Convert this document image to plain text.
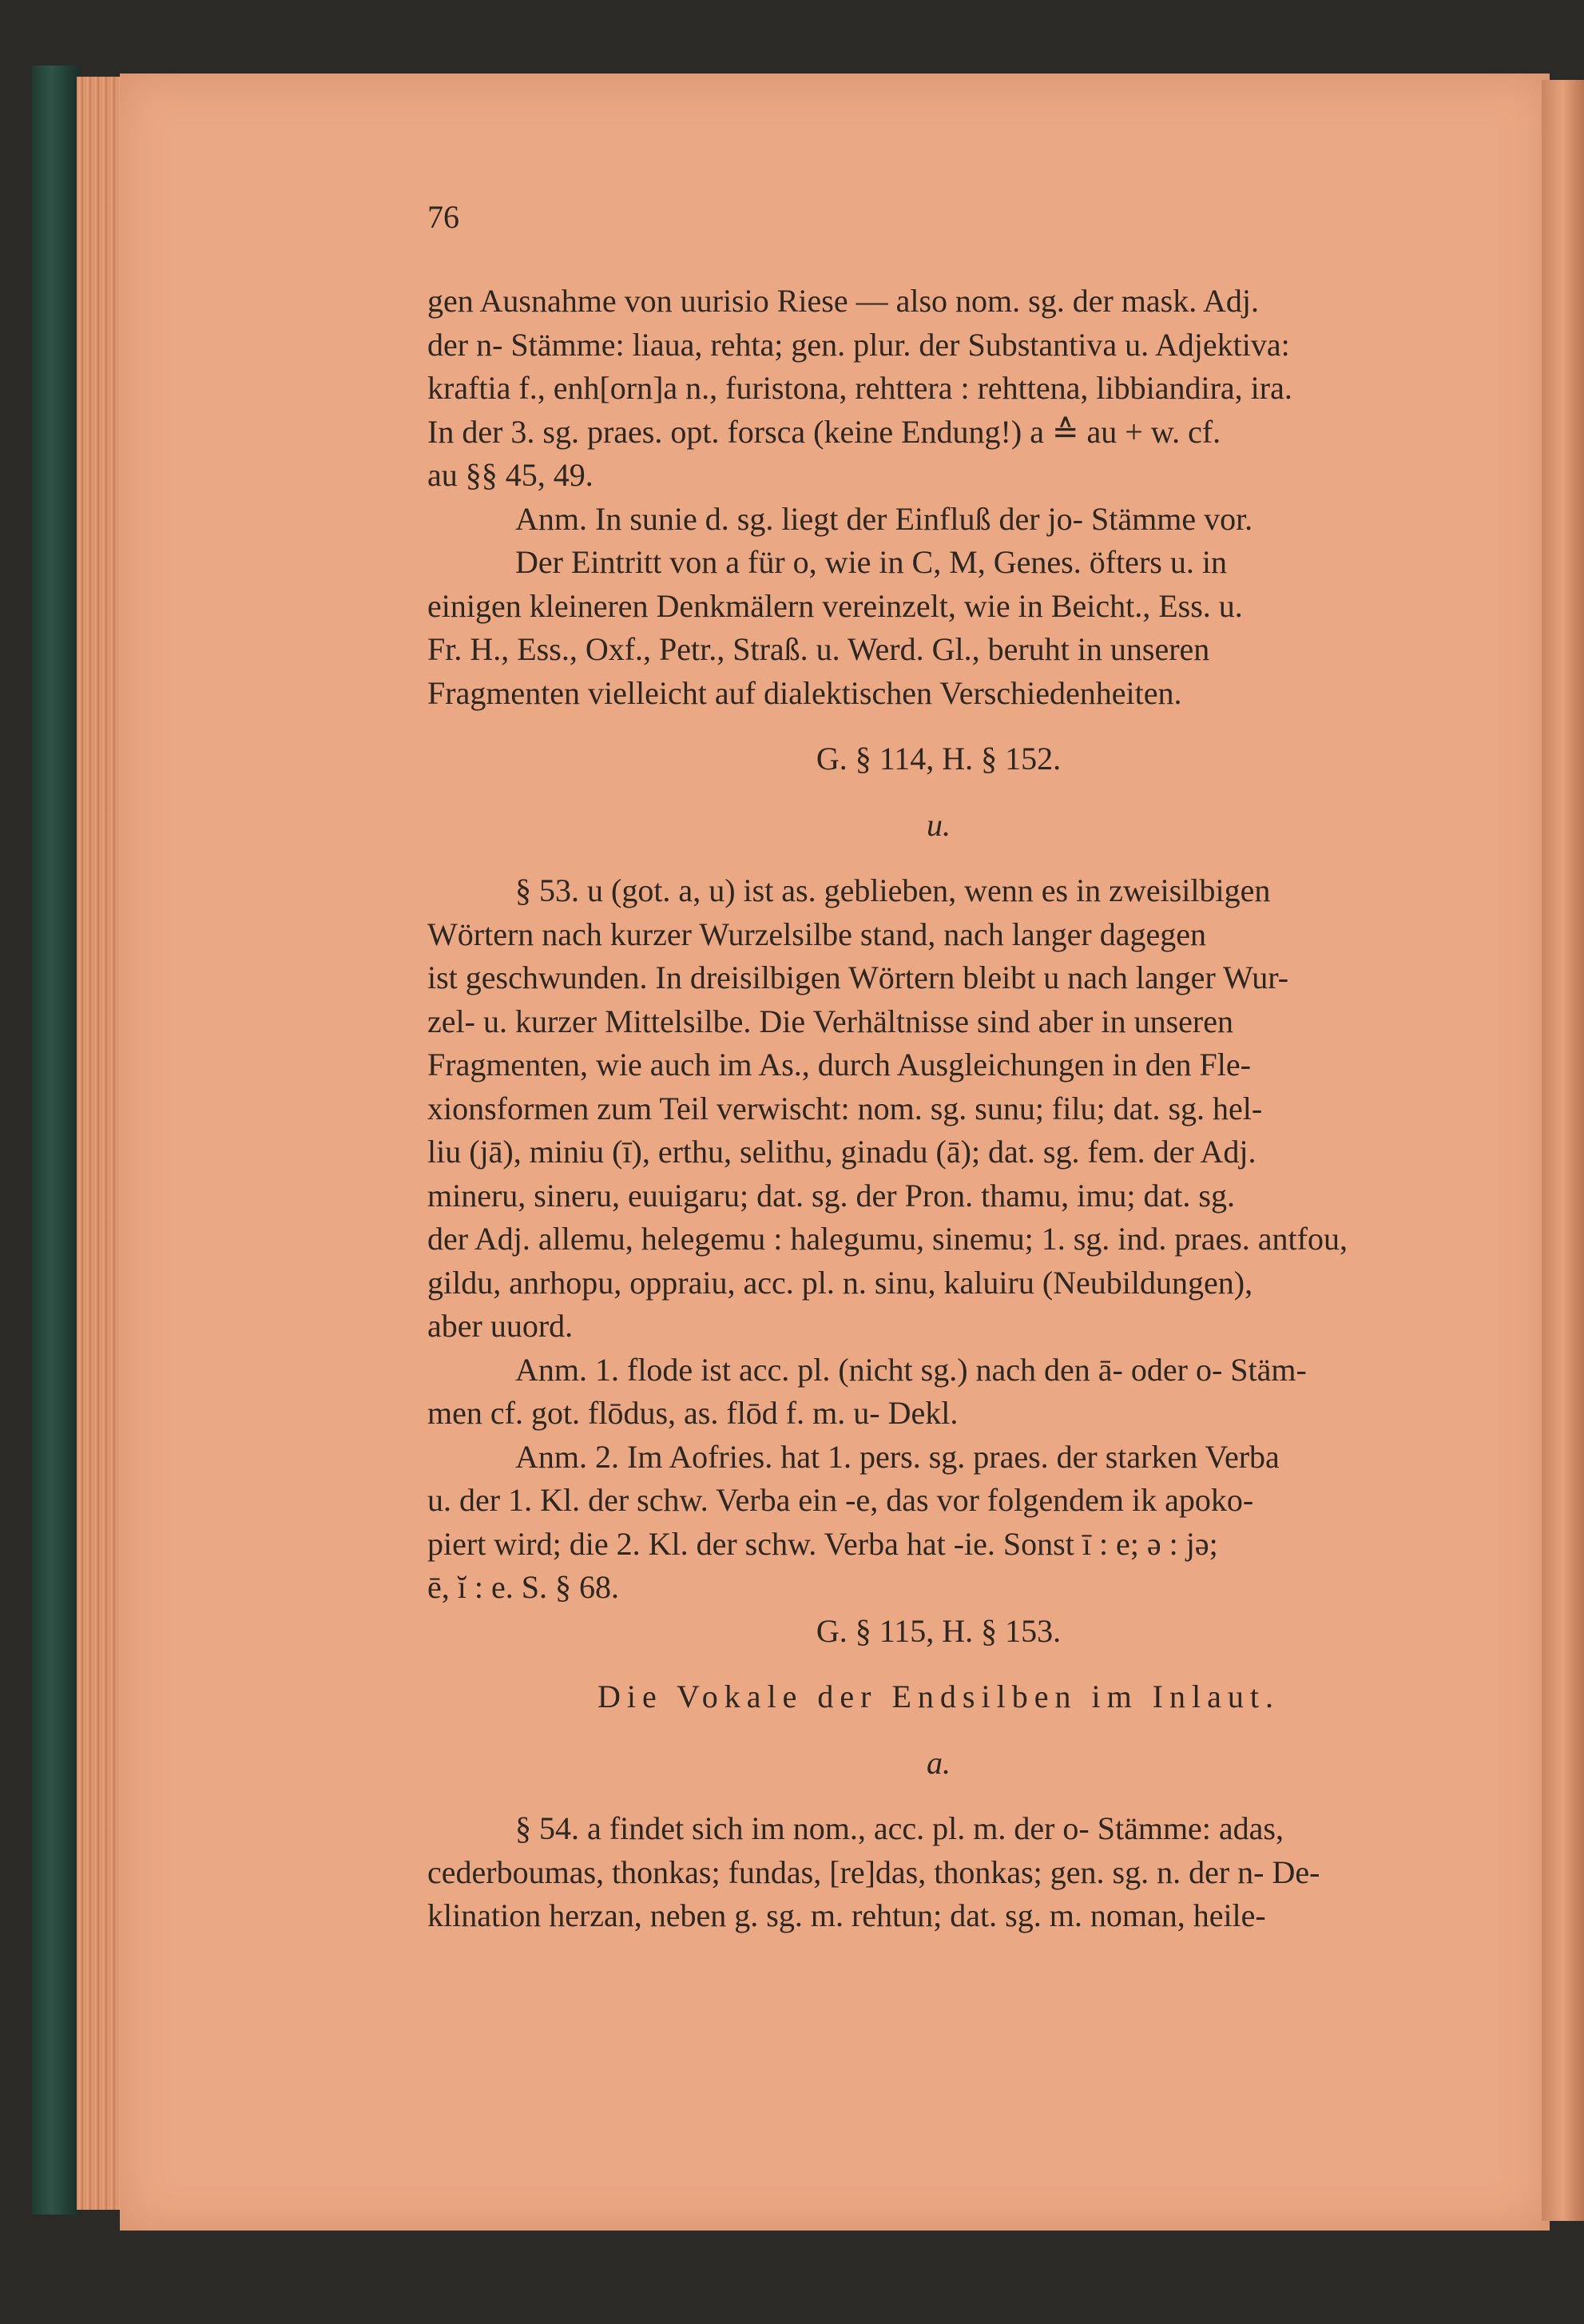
76
gen Ausnahme von uurisio Riese — also nom. sg. der mask. Adj.
der n- Stämme: liaua, rehta; gen. plur. der Substantiva u. Adjektiva:
kraftia f., enh[orn]a n., furistona, rehttera : rehttena, libbiandira, ira.
In der 3. sg. praes. opt. forsca (keine Endung!) a ≙ au + w. cf.
au §§ 45, 49.
Anm. In sunie d. sg. liegt der Einfluß der jo- Stämme vor.
Der Eintritt von a für o, wie in C, M, Genes. öfters u. in
einigen kleineren Denkmälern vereinzelt, wie in Beicht., Ess. u.
Fr. H., Ess., Oxf., Petr., Straß. u. Werd. Gl., beruht in unseren
Fragmenten vielleicht auf dialektischen Verschiedenheiten.
G. § 114, H. § 152.
u.
§ 53. u (got. a, u) ist as. geblieben, wenn es in zweisilbigen
Wörtern nach kurzer Wurzelsilbe stand, nach langer dagegen
ist geschwunden. In dreisilbigen Wörtern bleibt u nach langer Wur-
zel- u. kurzer Mittelsilbe. Die Verhältnisse sind aber in unseren
Fragmenten, wie auch im As., durch Ausgleichungen in den Fle-
xionsformen zum Teil verwischt: nom. sg. sunu; filu; dat. sg. hel-
liu (jā), miniu (ī), erthu, selithu, ginadu (ā); dat. sg. fem. der Adj.
mineru, sineru, euuigaru; dat. sg. der Pron. thamu, imu; dat. sg.
der Adj. allemu, helegemu : halegumu, sinemu; 1. sg. ind. praes. antfou,
gildu, anrhopu, oppraiu, acc. pl. n. sinu, kaluiru (Neubildungen),
aber uuord.
Anm. 1. flode ist acc. pl. (nicht sg.) nach den ā- oder o- Stäm-
men cf. got. flōdus, as. flōd f. m. u- Dekl.
Anm. 2. Im Aofries. hat 1. pers. sg. praes. der starken Verba
u. der 1. Kl. der schw. Verba ein -e, das vor folgendem ik apoko-
piert wird; die 2. Kl. der schw. Verba hat -ie. Sonst ī : e; ə : jə;
ē, ĭ : e. S. § 68.
G. § 115, H. § 153.
Die Vokale der Endsilben im Inlaut.
a.
§ 54. a findet sich im nom., acc. pl. m. der o- Stämme: adas,
cederboumas, thonkas; fundas, [re]das, thonkas; gen. sg. n. der n- De-
klination herzan, neben g. sg. m. rehtun; dat. sg. m. noman, heile-
